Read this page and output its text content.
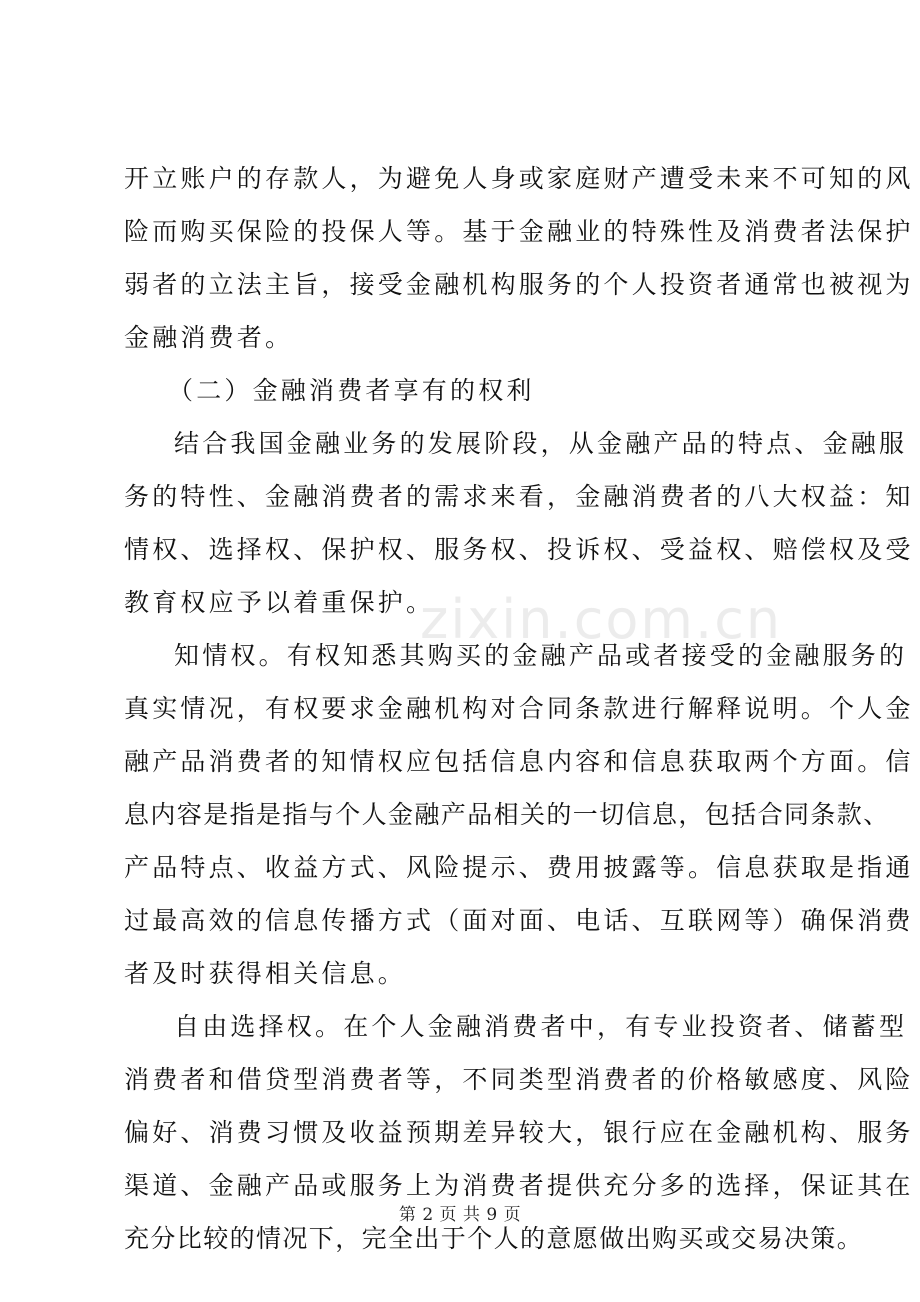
开立账户的存款人，为避免人身或家庭财产遭受未来不可知的风
险而购买保险的投保人等。基于金融业的特殊性及消费者法保护
弱者的立法主旨，接受金融机构服务的个人投资者通常也被视为
金融消费者。
（二）金融消费者享有的权利
结合我国金融业务的发展阶段，从金融产品的特点、金融服
务的特性、金融消费者的需求来看，金融消费者的八大权益：知
情权、选择权、保护权、服务权、投诉权、受益权、赔偿权及受
教育权应予以着重保护。
知情权。有权知悉其购买的金融产品或者接受的金融服务的
真实情况，有权要求金融机构对合同条款进行解释说明。个人金
融产品消费者的知情权应包括信息内容和信息获取两个方面。信
息内容是指是指与个人金融产品相关的一切信息，包括合同条款、
产品特点、收益方式、风险提示、费用披露等。信息获取是指通
过最高效的信息传播方式（面对面、电话、互联网等）确保消费
者及时获得相关信息。
自由选择权。在个人金融消费者中，有专业投资者、储蓄型
消费者和借贷型消费者等，不同类型消费者的价格敏感度、风险
偏好、消费习惯及收益预期差异较大，银行应在金融机构、服务
渠道、金融产品或服务上为消费者提供充分多的选择，保证其在
充分比较的情况下，完全出于个人的意愿做出购买或交易决策。
zixin.com.cn
第 2 页 共 9 页
